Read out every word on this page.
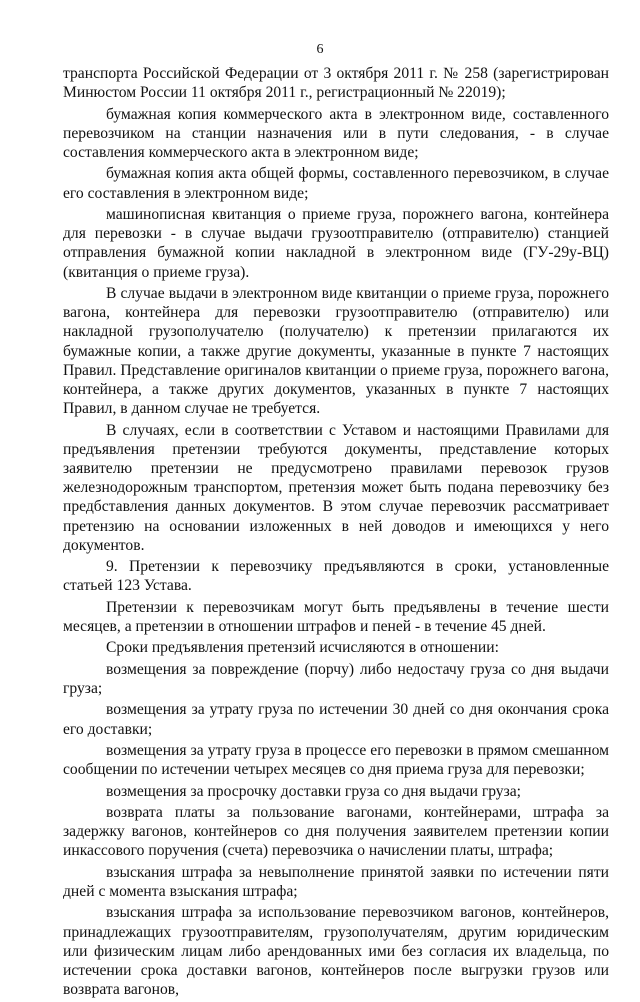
6

транспорта Российской Федерации от 3 октября 2011 г. № 258 (зарегистрирован Минюстом России 11 октября 2011 г., регистрационный № 22019);

бумажная копия коммерческого акта в электронном виде, составленного перевозчиком на станции назначения или в пути следования, - в случае составления коммерческого акта в электронном виде;

бумажная копия акта общей формы, составленного перевозчиком, в случае его составления в электронном виде;

машинописная квитанция о приеме груза, порожнего вагона, контейнера для перевозки - в случае выдачи грузоотправителю (отправителю) станцией отправления бумажной копии накладной в электронном виде (ГУ-29у-ВЦ) (квитанция о приеме груза).

В случае выдачи в электронном виде квитанции о приеме груза, порожнего вагона, контейнера для перевозки грузоотправителю (отправителю) или накладной грузополучателю (получателю) к претензии прилагаются их бумажные копии, а также другие документы, указанные в пункте 7 настоящих Правил. Представление оригиналов квитанции о приеме груза, порожнего вагона, контейнера, а также других документов, указанных в пункте 7 настоящих Правил, в данном случае не требуется.

В случаях, если в соответствии с Уставом и настоящими Правилами для предъявления претензии требуются документы, представление которых заявителю претензии не предусмотрено правилами перевозок грузов железнодорожным транспортом, претензия может быть подана перевозчику без предбставления данных документов. В этом случае перевозчик рассматривает претензию на основании изложенных в ней доводов и имеющихся у него документов.

9. Претензии к перевозчику предъявляются в сроки, установленные статьей 123 Устава.

Претензии к перевозчикам могут быть предъявлены в течение шести месяцев, а претензии в отношении штрафов и пеней - в течение 45 дней.

Сроки предъявления претензий исчисляются в отношении:

возмещения за повреждение (порчу) либо недостачу груза со дня выдачи груза;

возмещения за утрату груза по истечении 30 дней со дня окончания срока его доставки;

возмещения за утрату груза в процессе его перевозки в прямом смешанном сообщении по истечении четырех месяцев со дня приема груза для перевозки;

возмещения за просрочку доставки груза со дня выдачи груза;

возврата платы за пользование вагонами, контейнерами, штрафа за задержку вагонов, контейнеров со дня получения заявителем претензии копии инкассового поручения (счета) перевозчика о начислении платы, штрафа;

взыскания штрафа за невыполнение принятой заявки по истечении пяти дней с момента взыскания штрафа;

взыскания штрафа за использование перевозчиком вагонов, контейнеров, принадлежащих грузоотправителям, грузополучателям, другим юридическим или физическим лицам либо арендованных ими без согласия их владельца, по истечении срока доставки вагонов, контейнеров после выгрузки грузов или возврата вагонов,
